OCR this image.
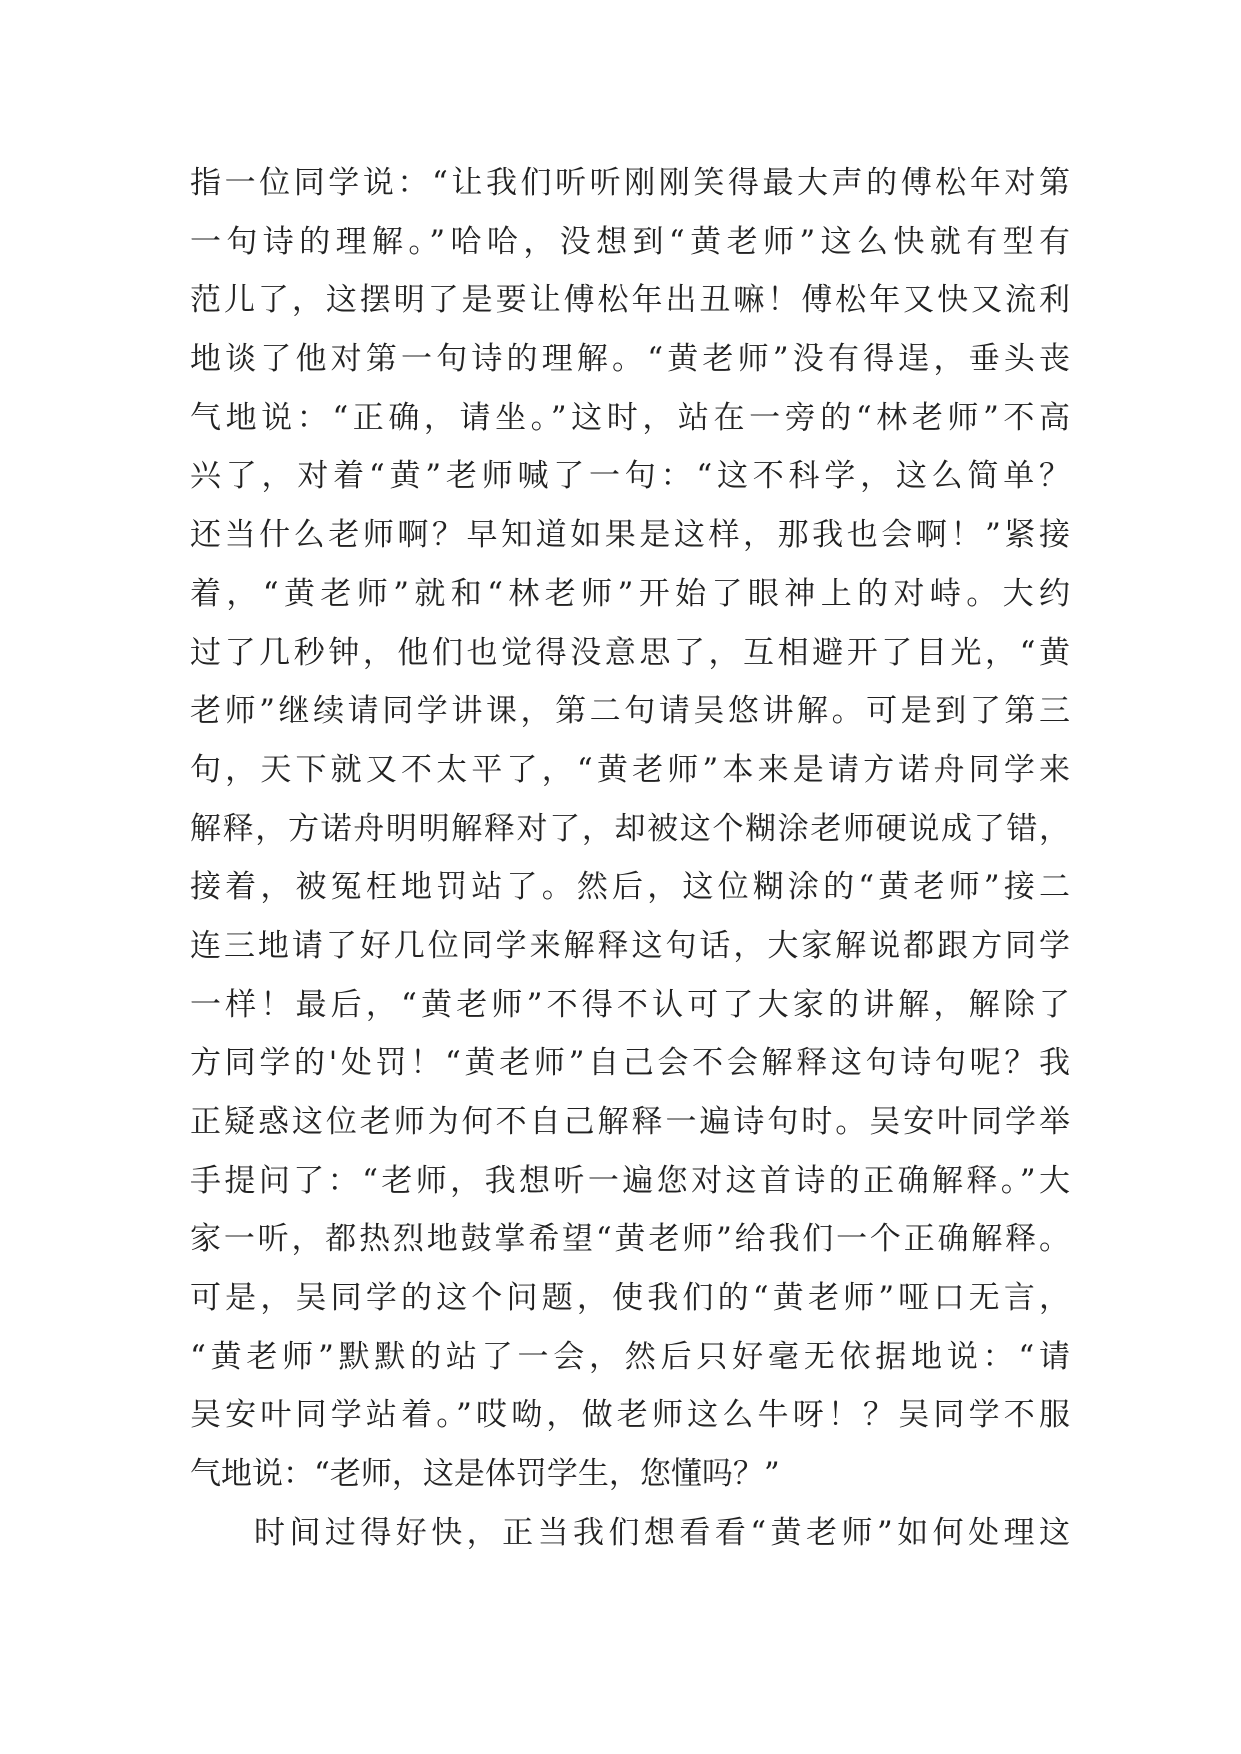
指一位同学说：“让我们听听刚刚笑得最大声的傅松年对第
一句诗的理解。”哈哈，没想到“黄老师”这么快就有型有
范儿了，这摆明了是要让傅松年出丑嘛！傅松年又快又流利
地谈了他对第一句诗的理解。“黄老师”没有得逞，垂头丧
气地说：“正确，请坐。”这时，站在一旁的“林老师”不高
兴了，对着“黄”老师喊了一句：“这不科学，这么简单？
还当什么老师啊？早知道如果是这样，那我也会啊！”紧接
着，“黄老师”就和“林老师”开始了眼神上的对峙。大约
过了几秒钟，他们也觉得没意思了，互相避开了目光，“黄
老师”继续请同学讲课，第二句请吴悠讲解。可是到了第三
句，天下就又不太平了，“黄老师”本来是请方诺舟同学来
解释，方诺舟明明解释对了，却被这个糊涂老师硬说成了错，
接着，被冤枉地罚站了。然后，这位糊涂的“黄老师”接二
连三地请了好几位同学来解释这句话，大家解说都跟方同学
一样！最后，“黄老师”不得不认可了大家的讲解，解除了
方同学的'处罚！“黄老师”自己会不会解释这句诗句呢？我
正疑惑这位老师为何不自己解释一遍诗句时。吴安叶同学举
手提问了：“老师，我想听一遍您对这首诗的正确解释。”大
家一听，都热烈地鼓掌希望“黄老师”给我们一个正确解释。
可是，吴同学的这个问题，使我们的“黄老师”哑口无言，
“黄老师”默默的站了一会，然后只好毫无依据地说：“请
吴安叶同学站着。”哎呦，做老师这么牛呀！？吴同学不服
气地说：“老师，这是体罚学生，您懂吗？”
时间过得好快，正当我们想看看“黄老师”如何处理这
